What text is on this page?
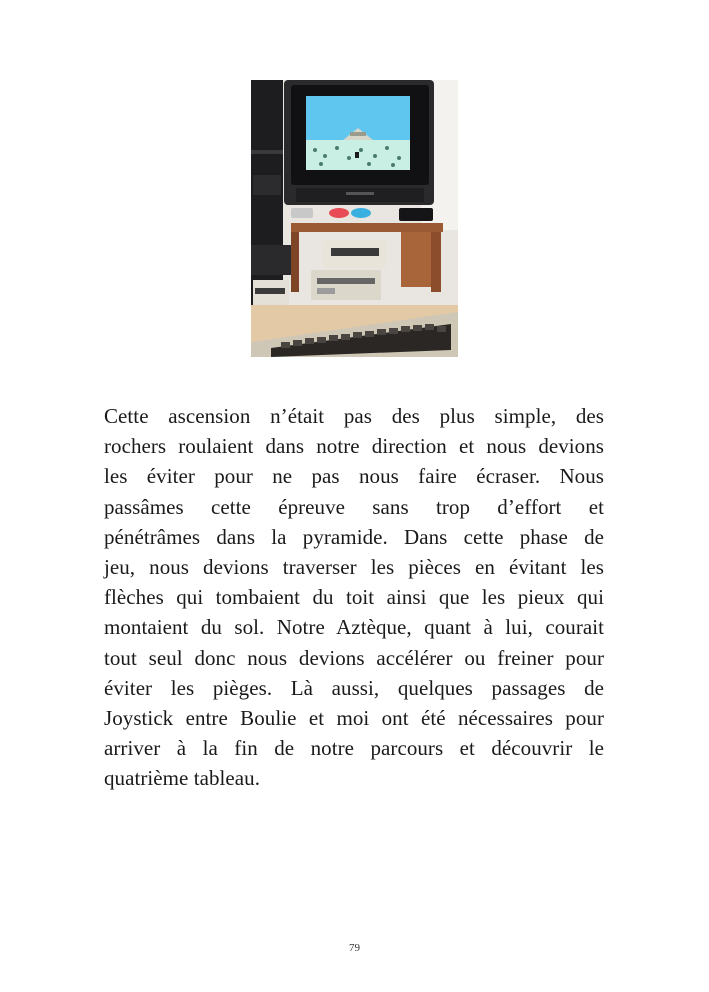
Cette ascension n’était pas des plus simple, des
rochers roulaient dans notre direction et nous devions
les éviter pour ne pas nous faire écraser. Nous
passâmes cette épreuve sans trop d’effort et
pénétrâmes dans la pyramide. Dans cette phase de
jeu, nous devions traverser les pièces en évitant les
flèches qui tombaient du toit ainsi que les pieux qui
montaient du sol. Notre Aztèque, quant à lui, courait
tout seul donc nous devions accélérer ou freiner pour
éviter les pièges. Là aussi, quelques passages de
Joystick entre Boulie et moi ont été nécessaires pour
arriver à la fin de notre parcours et découvrir le
quatrième tableau.
79
